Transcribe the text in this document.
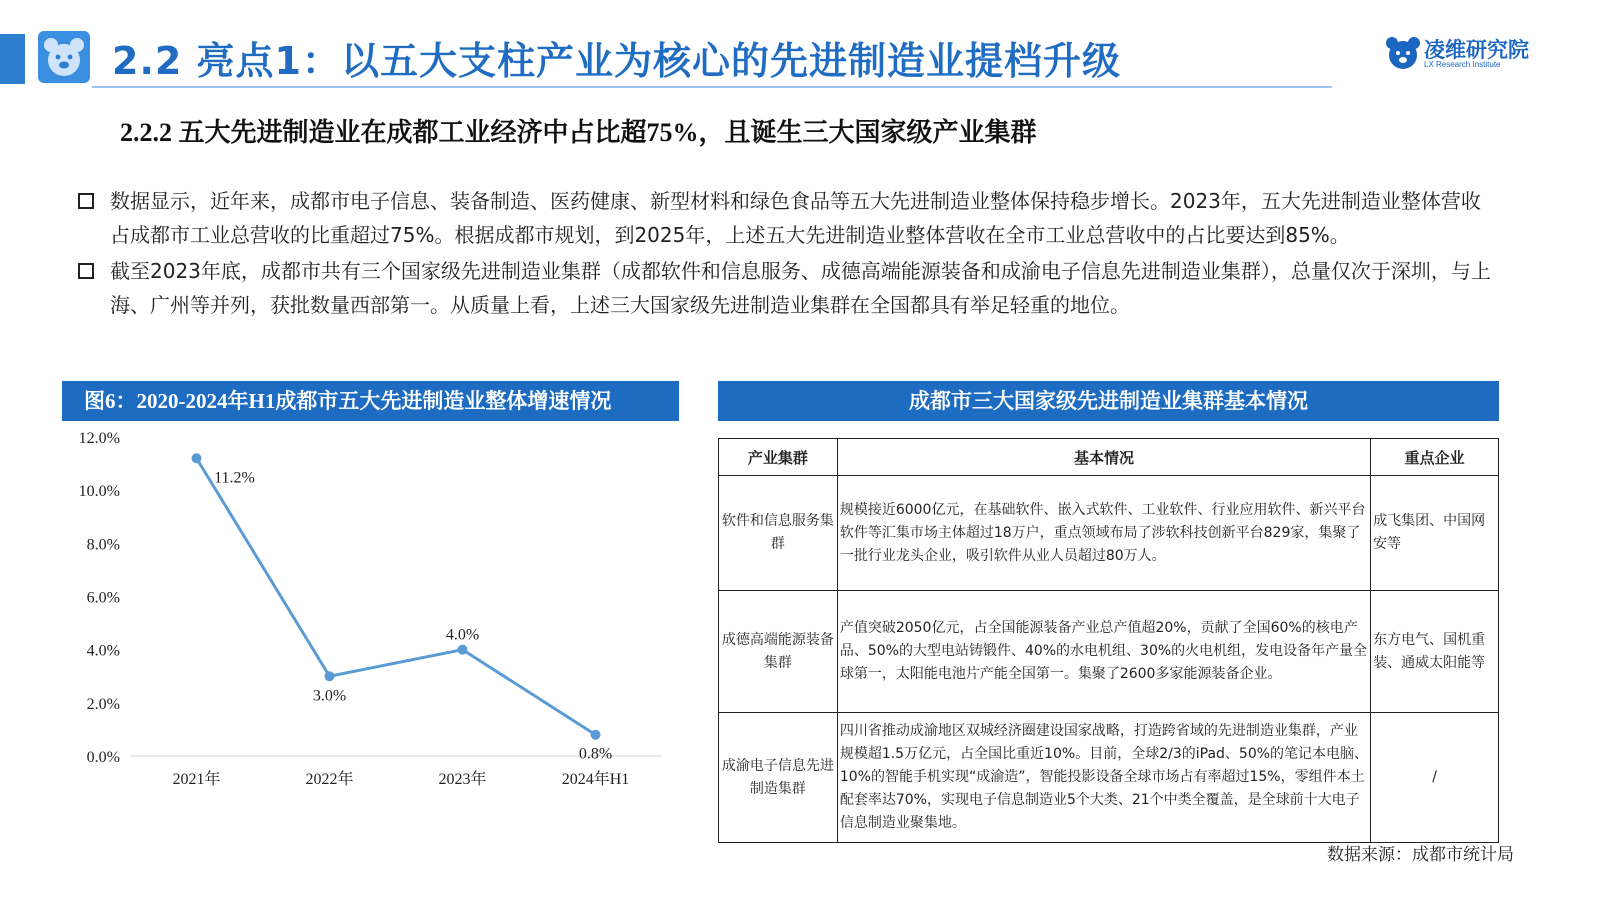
2.2 亮点1：以五大支柱产业为核心的先进制造业提档升级	凌维研究院
LX Research Institute
2.2.2 五大先进制造业在成都工业经济中占比超75%，且诞生三大国家级产业集群
数据显示，近年来，成都市电子信息、装备制造、医药健康、新型材料和绿色食品等五大先进制造业整体保持稳步增长。2023年，五大先进制造业整体营收占成都市工业总营收的比重超过75%。根据成都市规划，到2025年，上述五大先进制造业整体营收在全市工业总营收中的占比要达到85%。
截至2023年底，成都市共有三个国家级先进制造业集群（成都软件和信息服务、成德高端能源装备和成渝电子信息先进制造业集群），总量仅次于深圳，与上海、广州等并列，获批数量西部第一。从质量上看，上述三大国家级先进制造业集群在全国都具有举足轻重的地位。
图6：2020-2024年H1成都市五大先进制造业整体增速情况
0.0%
2.0%
4.0%
6.0%
8.0%
10.0%
12.0%
2021年	2022年	2023年	2024年H1
11.2%
3.0%
4.0%
0.8%
成都市三大国家级先进制造业集群基本情况
产业集群	基本情况	重点企业
软件和信息服务集群	规模接近6000亿元，在基础软件、嵌入式软件、工业软件、行业应用软件、新兴平台软件等汇集市场主体超过18万户，重点领域布局了涉软科技创新平台829家，集聚了一批行业龙头企业，吸引软件从业人员超过80万人。	成飞集团、中国网安等
成德高端能源装备集群	产值突破2050亿元，占全国能源装备产业总产值超20%，贡献了全国60%的核电产品、50%的大型电站铸锻件、40%的水电机组、30%的火电机组，发电设备年产量全球第一，太阳能电池片产能全国第一。集聚了2600多家能源装备企业。	东方电气、国机重装、通威太阳能等
成渝电子信息先进制造集群	四川省推动成渝地区双城经济圈建设国家战略，打造跨省域的先进制造业集群，产业规模超1.5万亿元，占全国比重近10%。目前，全球2/3的iPad、50%的笔记本电脑、10%的智能手机实现“成渝造”，智能投影设备全球市场占有率超过15%，零组件本土配套率达70%，实现电子信息制造业5个大类、21个中类全覆盖，是全球前十大电子信息制造业聚集地。	/
数据来源：成都市统计局
